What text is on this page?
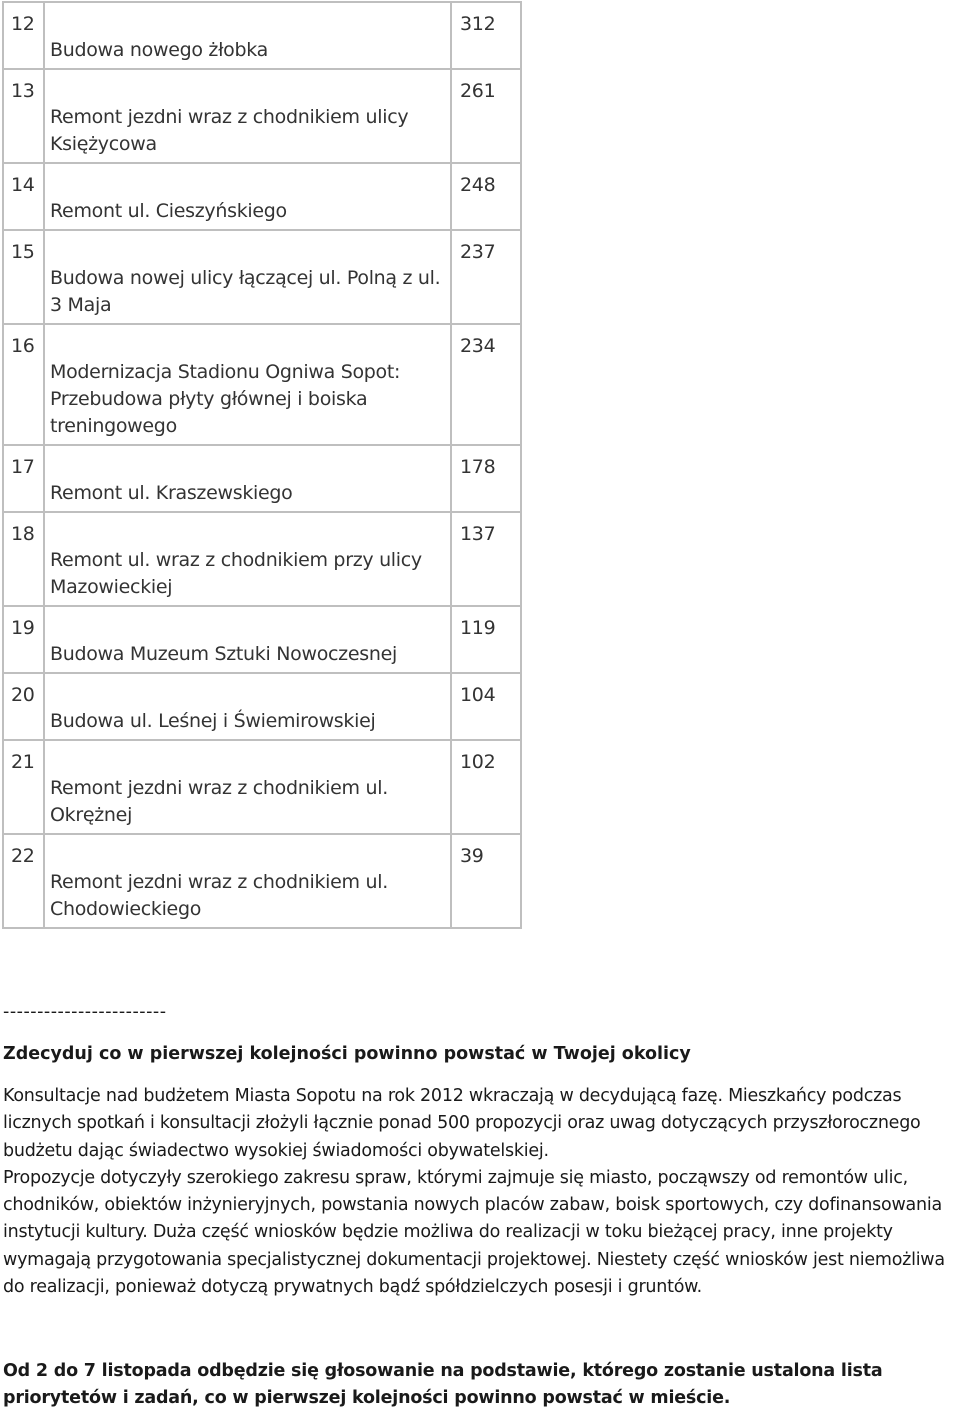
12	Budowa nowego żłobka	312
13	Remont jezdni wraz z chodnikiem ulicy Księżycowa	261
14	Remont ul. Cieszyńskiego	248
15	Budowa nowej ulicy łączącej ul. Polną z ul. 3 Maja	237
16	Modernizacja Stadionu Ogniwa Sopot: Przebudowa płyty głównej i boiska treningowego	234
17	Remont ul. Kraszewskiego	178
18	Remont ul. wraz z chodnikiem przy ulicy Mazowieckiej	137
19	Budowa Muzeum Sztuki Nowoczesnej	119
20	Budowa ul. Leśnej i Świemirowskiej	104
21	Remont jezdni wraz z chodnikiem ul. Okrężnej	102
22	Remont jezdni wraz z chodnikiem ul. Chodowieckiego	39
------------------------
Zdecyduj co w pierwszej kolejności powinno powstać w Twojej okolicy

Konsultacje nad budżetem Miasta Sopotu na rok 2012 wkraczają w decydującą fazę. Mieszkańcy podczas licznych spotkań i konsultacji złożyli łącznie ponad 500 propozycji oraz uwag dotyczących przyszłorocznego budżetu dając świadectwo wysokiej świadomości obywatelskiej.

Propozycje dotyczyły szerokiego zakresu spraw, którymi zajmuje się miasto, począwszy od remontów ulic, chodników, obiektów inżynieryjnych, powstania nowych placów zabaw, boisk sportowych, czy dofinansowania instytucji kultury. Duża część wniosków będzie możliwa do realizacji w toku bieżącej pracy, inne projekty wymagają przygotowania specjalistycznej dokumentacji projektowej. Niestety część wniosków jest niemożliwa do realizacji, ponieważ dotyczą prywatnych bądź spółdzielczych posesji i gruntów.

Od 2 do 7 listopada odbędzie się głosowanie na podstawie, którego zostanie ustalona lista priorytetów i zadań, co w pierwszej kolejności powinno powstać w mieście.
